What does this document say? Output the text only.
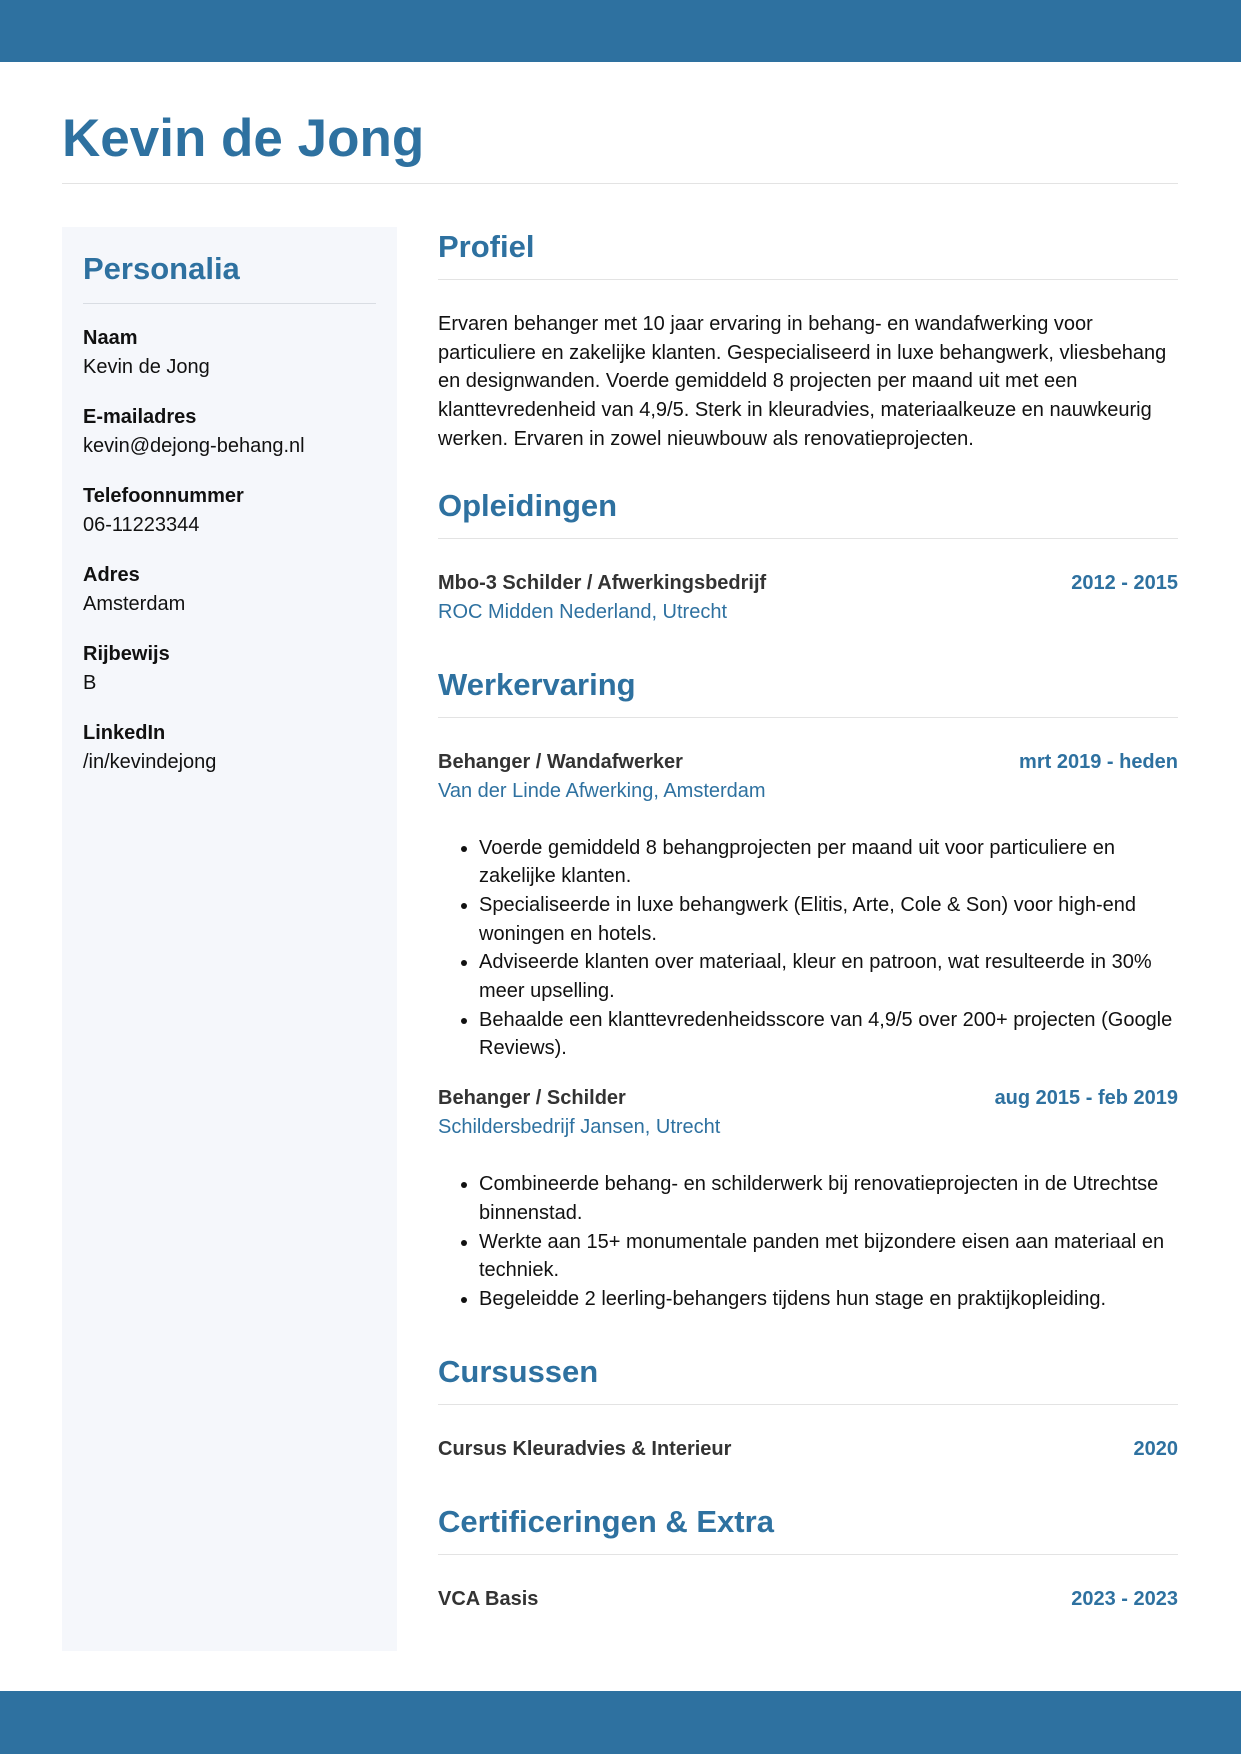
Kevin de Jong
Personalia
Naam
Kevin de Jong
E-mailadres
kevin@dejong-behang.nl
Telefoonnummer
06-11223344
Adres
Amsterdam
Rijbewijs
B
LinkedIn
/in/kevindejong
Profiel

Ervaren behanger met 10 jaar ervaring in behang- en wandafwerking voor particuliere en zakelijke klanten. Gespecialiseerd in luxe behangwerk, vliesbehang en designwanden. Voerde gemiddeld 8 projecten per maand uit met een klanttevredenheid van 4,9/5. Sterk in kleuradvies, materiaalkeuze en nauwkeurig werken. Ervaren in zowel nieuwbouw als renovatieprojecten.

Opleidingen
Mbo-3 Schilder / Afwerkingsbedrijf	2012 - 2015
ROC Midden Nederland, Utrecht
Werkervaring
Behanger / Wandafwerker	mrt 2019 - heden
Van der Linde Afwerking, Amsterdam
• Voerde gemiddeld 8 behangprojecten per maand uit voor particuliere en zakelijke klanten.
• Specialiseerde in luxe behangwerk (Elitis, Arte, Cole & Son) voor high-end woningen en hotels.
• Adviseerde klanten over materiaal, kleur en patroon, wat resulteerde in 30% meer upselling.
• Behaalde een klanttevredenheidsscore van 4,9/5 over 200+ projecten (Google Reviews).
Behanger / Schilder	aug 2015 - feb 2019
Schildersbedrijf Jansen, Utrecht
• Combineerde behang- en schilderwerk bij renovatieprojecten in de Utrechtse binnenstad.
• Werkte aan 15+ monumentale panden met bijzondere eisen aan materiaal en techniek.
• Begeleidde 2 leerling-behangers tijdens hun stage en praktijkopleiding.
Cursussen
Cursus Kleuradvies & Interieur	2020
Certificeringen & Extra
VCA Basis	2023 - 2023
